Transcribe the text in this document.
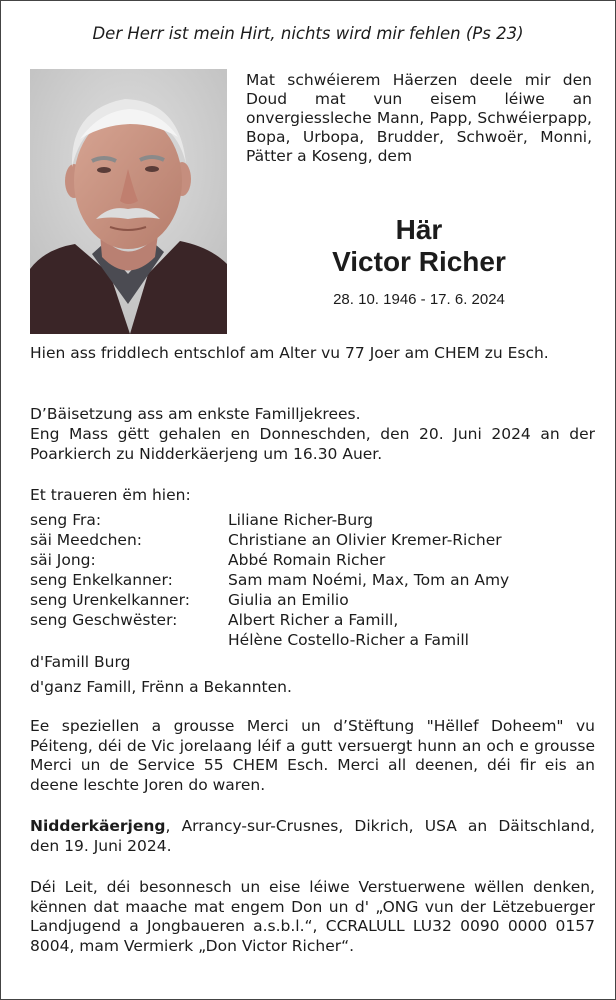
Der Herr ist mein Hirt, nichts wird mir fehlen (Ps 23)
Mat schwéierem Häerzen deele mir den Doud mat vun eisem léiwe an onvergiessleche Mann, Papp, Schwéierpapp, Bopa, Urbopa, Brudder, Schwoër, Monni, Pätter a Koseng, dem
Här
Victor Richer
28. 10. 1946 - 17. 6. 2024
Hien ass friddlech entschlof am Alter vu 77 Joer am CHEM zu Esch.
D’Bäisetzung ass am enkste Familljekrees.
Eng Mass gëtt gehalen en Donneschden, den 20. Juni 2024 an der Poarkierch zu Nidderkäerjeng um 16.30 Auer.
Et traueren ëm hien:
seng Fra:	Liliane Richer-Burg
säi Meedchen:	Christiane an Olivier Kremer-Richer
säi Jong:	Abbé Romain Richer
seng Enkelkanner:	Sam mam Noémi, Max, Tom an Amy
seng Urenkelkanner: Giulia an Emilio
seng Geschwëster:	Albert Richer a Famill,
Hélène Costello-Richer a Famill
d'Famill Burg
d'ganz Famill, Frënn a Bekannten.
Ee speziellen a grousse Merci un d’Stëftung "Hëllef Doheem" vu Péiteng, déi de Vic jorelaang léif a gutt versuergt hunn an och e grousse Merci un de Service 55 CHEM Esch. Merci all deenen, déi fir eis an deene leschte Joren do waren.
Nidderkäerjeng, Arrancy-sur-Crusnes, Dikrich, USA an Däitschland, den 19. Juni 2024.
Déi Leit, déi besonnesch un eise léiwe Verstuerwene wëllen denken, kënnen dat maache mat engem Don un d' „ONG vun der Lëtzebuerger Landjugend a Jongbaueren a.s.b.l.“, CCRALULL LU32 0090 0000 0157 8004, mam Vermierk „Don Victor Richer“.
